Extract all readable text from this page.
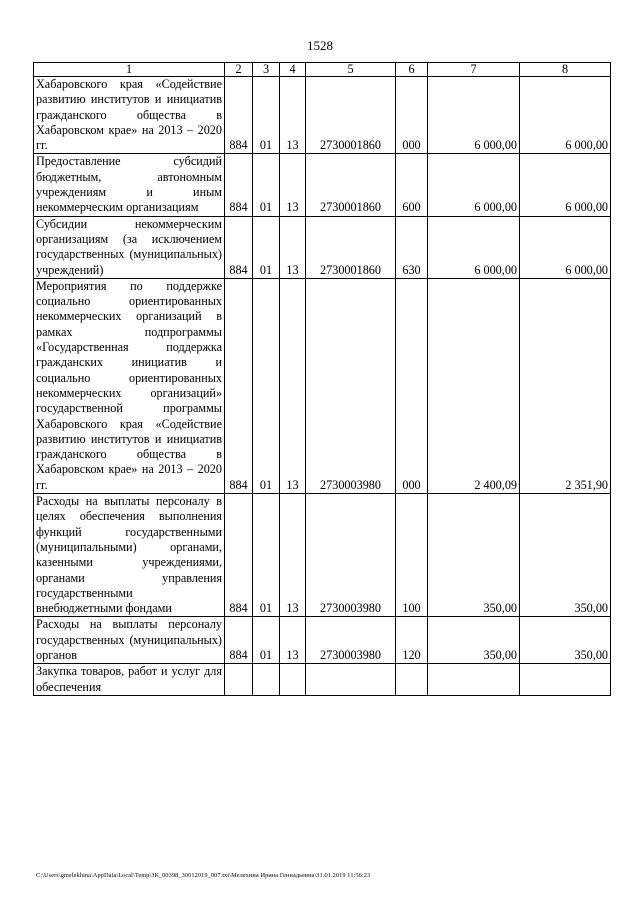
1528
1	2	3	4	5	6	7	8
Хабаровского края «Содействие развитию институтов и инициатив гражданского общества в Хабаровском крае» на 2013 – 2020 гг.	884	01	13	2730001860	000	6 000,00	6 000,00
Предоставление субсидий бюджетным, автономным учреждениям и иным некоммерческим организациям	884	01	13	2730001860	600	6 000,00	6 000,00
Субсидии некоммерческим организациям (за исключением государственных (муниципальных) учреждений)	884	01	13	2730001860	630	6 000,00	6 000,00
Мероприятия по поддержке социально ориентированных некоммерческих организаций в рамках подпрограммы «Государственная поддержка гражданских инициатив и социально ориентированных некоммерческих организаций» государственной программы Хабаровского края «Содействие развитию институтов и инициатив гражданского общества в Хабаровском крае» на 2013 – 2020 гг.	884	01	13	2730003980	000	2 400,09	2 351,90
Расходы на выплаты персоналу в целях обеспечения выполнения функций государственными (муниципальными) органами, казенными учреждениями, органами управления государственными внебюджетными фондами	884	01	13	2730003980	100	350,00	350,00
Расходы на выплаты персоналу государственных (муниципальных) органов	884	01	13	2730003980	120	350,00	350,00
Закупка товаров, работ и услуг для обеспечения							
C:\Users\gmelekhina\AppData\Local\Temp\ЗК_00398_30012019_007.txt\Мелехина Ирина Геннадьевна\31.01.2019 11:56:23
